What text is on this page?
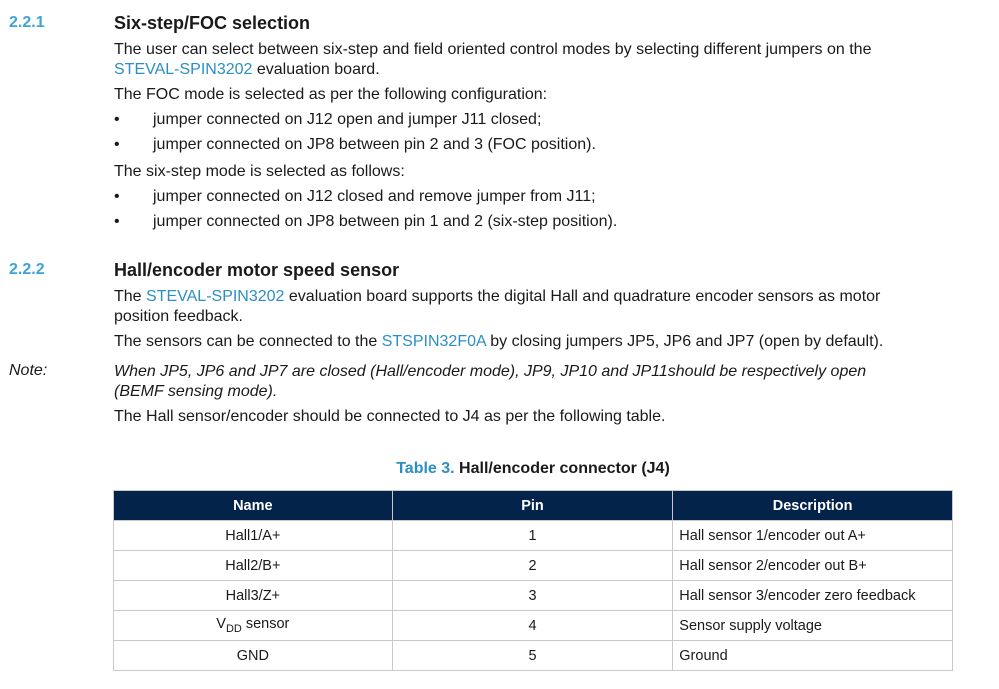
2.2.1	Six-step/FOC selection
The user can select between six-step and field oriented control modes by selecting different jumpers on the
STEVAL-SPIN3202 evaluation board.
The FOC mode is selected as per the following configuration:
• jumper connected on J12 open and jumper J11 closed;
• jumper connected on JP8 between pin 2 and 3 (FOC position).
The six-step mode is selected as follows:
• jumper connected on J12 closed and remove jumper from J11;
• jumper connected on JP8 between pin 1 and 2 (six-step position).
2.2.2	Hall/encoder motor speed sensor
The STEVAL-SPIN3202 evaluation board supports the digital Hall and quadrature encoder sensors as motor position feedback.
The sensors can be connected to the STSPIN32F0A by closing jumpers JP5, JP6 and JP7 (open by default).
Note:	When JP5, JP6 and JP7 are closed (Hall/encoder mode), JP9, JP10 and JP11should be respectively open (BEMF sensing mode).
The Hall sensor/encoder should be connected to J4 as per the following table.
Table 3. Hall/encoder connector (J4)
Name	Pin	Description
Hall1/A+	1	Hall sensor 1/encoder out A+
Hall2/B+	2	Hall sensor 2/encoder out B+
Hall3/Z+	3	Hall sensor 3/encoder zero feedback
$V_{DD}$ sensor	4	Sensor supply voltage
GND	5	Ground
